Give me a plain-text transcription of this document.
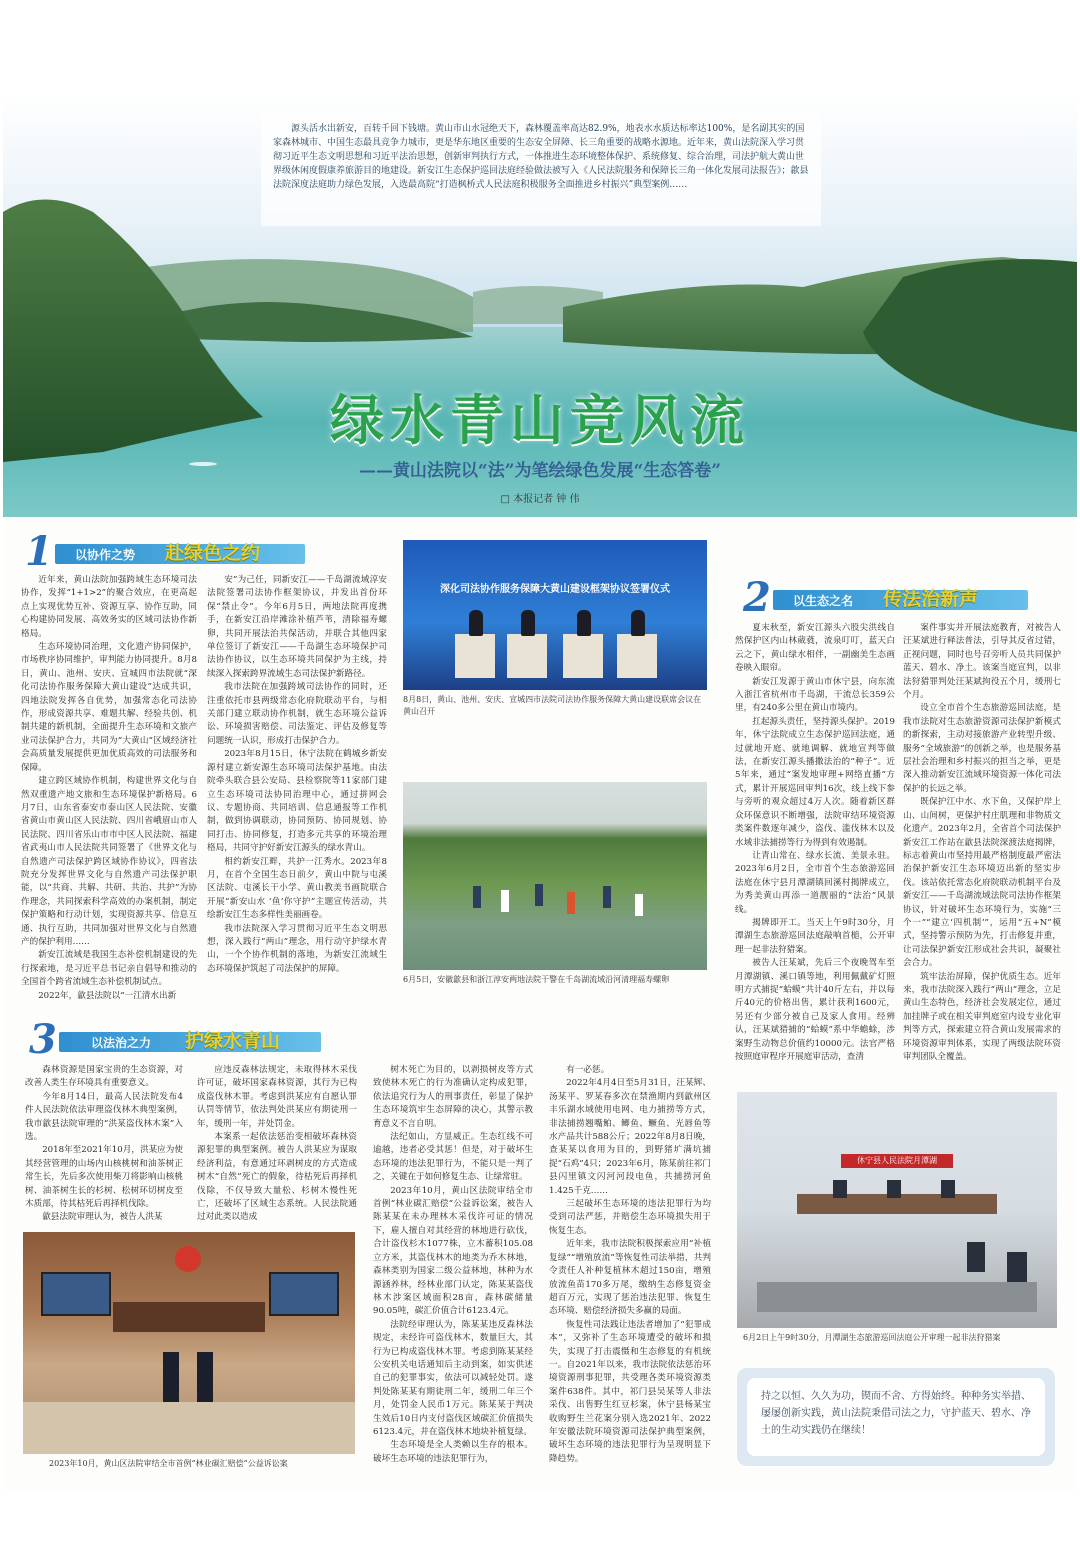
源头活水出新安，百转千回下钱塘。黄山市山水冠绝天下，森林覆盖率高达82.9%，地表水水质达标率达100%，是名副其实的国家森林城市、中国生态最具竞争力城市，更是华东地区重要的生态安全屏障、长三角重要的战略水源地。近年来，黄山法院深入学习贯彻习近平生态文明思想和习近平法治思想，创新审判执行方式，一体推进生态环境整体保护、系统修复、综合治理，司法护航大黄山世界级休闲度假康养旅游目的地建设。新安江生态保护巡回法庭经验做法被写入《人民法院服务和保障长三角一体化发展司法报告》；歙县法院深度法庭助力绿色发展，入选最高院“打造枫桥式人民法庭积极服务全面推进乡村振兴”典型案例……
绿水青山竞风流
——黄山法院以“法”为笔绘绿色发展“生态答卷”
□ 本报记者 钟 伟
1 以协作之势 赴绿色之约

近年来，黄山法院加强跨域生态环境司法协作，发挥“1+1>2”的聚合效应，在更高起点上实现优势互补、资源互享、协作互助，同心构建协同发展、高效务实的区域司法协作新格局。

生态环境协同治理，文化遗产协同保护，市场秩序协同维护，审判能力协同提升。8月8日，黄山、池州、安庆、宣城四市法院就“深化司法协作服务保障大黄山建设”达成共识，四地法院发挥各自优势，加强常态化司法协作，形成资源共享、难题共解、经验共创、机制共建的新机制，全面提升生态环境和文旅产业司法保护合力，共同为“大黄山”区域经济社会高质量发展提供更加优质高效的司法服务和保障。

建立跨区域协作机制，构建世界文化与自然双重遗产地文旅和生态环境保护新格局。6月7日，山东省泰安市泰山区人民法院、安徽省黄山市黄山区人民法院、四川省峨眉山市人民法院、四川省乐山市市中区人民法院、福建省武夷山市人民法院共同签署了《世界文化与自然遗产司法保护跨区域协作协议》，四省法院充分发挥世界文化与自然遗产司法保护职能，以“共商、共解、共研、共治、共护”为协作理念，共同探索科学高效的办案机制，制定保护策略和行动计划，实现资源共享、信息互通、执行互助，共同加强对世界文化与自然遗产的保护利用……

新安江流域是我国生态补偿机制建设的先行探索地，是习近平总书记亲自倡导和推动的全国首个跨省流域生态补偿机制试点。

2022年，歙县法院以“一江清水出新

安”为己任，同新安江——千岛湖流域淳安法院签署司法协作框架协议，并发出首份环保“禁止令”。今年6月5日，两地法院再度携手，在新安江沿岸滩涂补植芦苇，清除福寿螺卵，共同开展法治共保活动，并联合其他四家单位签订了新安江——千岛湖生态环境保护司法协作协议，以生态环境共同保护为主线，持续深入探索跨界流域生态司法保护新路径。

我市法院在加强跨域司法协作的同时，还注重依托市县两级常态化府院联动平台，与相关部门建立联动协作机制，就生态环境公益诉讼、环境损害赔偿、司法鉴定、评估及修复等问题统一认识，形成打击保护合力。

2023年8月15日，休宁法院在鹤城乡新安源村建立新安源生态环境司法保护基地。由法院牵头联合县公安局、县检察院等11家部门建立生态环境司法协同治理中心，通过拼网会议、专题协商、共同培训、信息通报等工作机制，做到协调联动，协同预防、协同规划、协同打击、协同修复，打造多元共享的环境治理格局，共同守护好新安江源头的绿水青山。

相约新安江畔，共护一江秀水。2023年8月，在首个全国生态日前夕，黄山中院与屯溪区法院、屯溪长干小学、黄山教美书画院联合开展“新安山水 ‘鱼’你守护”主题宣传活动，共绘新安江生态多样性美丽画卷。

我市法院深入学习贯彻习近平生态文明思想，深入践行“两山”理念，用行动守护绿水青山，一个个协作机制的落地，为新安江流域生态环境保护筑起了司法保护的屏障。

深化司法协作服务保障大黄山建设框架协议签署仪式
8月8日，黄山、池州、安庆、宣城四市法院司法协作服务保障大黄山建设联席会议在黄山召开
6月5日，安徽歙县和浙江淳安两地法院干警在千岛湖流域沿河清理福寿螺卵
2 以生态之名 传法治新声

夏末秋至，新安江源头六股尖洪线自然保护区内山林葳蕤，流泉叮叮，蓝天白云之下，黄山绿水相伴，一副幽美生态画卷映入眼帘。

新安江发源于黄山市休宁县，向东流入浙江省杭州市千岛湖，干流总长359公里，有240多公里在黄山市境内。

扛起源头责任，坚持源头保护。2019年，休宁法院成立生态保护巡回法庭，通过就地开庭、就地调解、就地宣判等做法，在新安江源头播撒法治的“种子”。近5年来，通过“案发地审理+网络直播”方式，累计开展巡回审判16次，线上线下参与旁听的观众超过4万人次。随着新区群众环保意识不断增强，法院审结环境资源类案件数逐年减少，盗伐、滥伐林木以及水域非法捕捞等行为得到有效遏制。

让青山常在、绿水长流、美景永驻。2023年6月2日，全市首个生态旅游巡回法庭在休宁县月潭湖镇回溪村揭牌成立，为秀美黄山再添一道靓丽的“法治”风景线。

揭牌即开工。当天上午9时30分，月潭湖生态旅游巡回法庭敲响首槌，公开审理一起非法狩猎案。

被告人汪某斌，先后三个夜晚驾车至月潭湖镇、溪口镇等地，利用佩戴矿灯照明方式捕捉“蛤蟆”共计40斤左右，并以每斤40元的价格出售，累计获利1600元，另还有少部分被自己及家人食用。经辨认，汪某斌猎捕的“蛤蟆”系中华蟾蜍，涉案野生动物总价值约10000元。法官严格按照庭审程序开展庭审活动，查清

案件事实并开展法庭教育，对被告人汪某斌进行释法普法，引导其反省过错，正视问题，同时也号召旁听人员共同保护蓝天、碧水、净土。该案当庭宣判，以非法狩猎罪判处汪某斌拘役五个月，缓刑七个月。

设立全市首个生态旅游巡回法庭，是我市法院对生态旅游资源司法保护新模式的新探索，主动对接旅游产业转型升级、服务“全域旅游”的创新之举，也是服务基层社会治理和乡村振兴的担当之举，更是深入推动新安江流域环境资源一体化司法保护的长远之举。

既保护江中水、水下鱼，又保护岸上山、山间树，更保护村庄肌理和非物质文化遗产。2023年2月，全省首个司法保护新安江工作站在歙县法院深渡法庭揭牌，标志着黄山市坚持用最严格制度最严密法治保护新安江生态环境迈出新的坚实步伐。该站依托常态化府院联动机制平台及新安江——千岛湖流域法院司法协作框架协议，针对破坏生态环境行为，实施“三个一”“建立‘四机制’”，运用“五+N”模式，坚持警示预防为先，打击修复并重，让司法保护新安江形成社会共识，凝聚社会合力。

筑牢法治屏障，保护优质生态。近年来，我市法院深入践行“两山”理念，立足黄山生态特色，经济社会发展定位，通过加挂牌子或在相关审判庭室内设专业化审判等方式，探索建立符合黄山发展需求的环境资源审判体系，实现了两级法院环资审判团队全覆盖。

3	以法治之力 护绿水青山

森林资源是国家宝贵的生态资源，对改善人类生存环境具有重要意义。

今年8月14日，最高人民法院发布4件人民法院依法审理盗伐林木典型案例，我市歙县法院审理的“洪某盗伐林木案”入选。

2018年至2021年10月，洪某应为使其经营管理的山场内山核桃树和油茶树正常生长，先后多次使用柴刀将影响山核桃树、油茶树生长的杉树、松树环切树皮至木质部，待其枯死后再择机伐除。

歙县法院审理认为，被告人洪某

应违反森林法规定，未取得林木采伐许可证，破坏国家森林资源，其行为已构成盗伐林木罪。考虑到洪某应有自愿认罪认罚等情节，依法判处洪某应有期徒刑一年，缓刑一年，并处罚金。

本案系一起依法惩治变相破坏森林资源犯罪的典型案例。被告人洪某应为谋取经济利益，有意通过环剥树皮的方式造成树木“自然”死亡的假象，待枯死后再择机伐除，不仅导致大量松、杉树木慢性死亡，还破坏了区域生态系统。人民法院通过对此类以造成

树木死亡为目的，以剥损树皮等方式致使林木死亡的行为准确认定构成犯罪，依法追究行为人的刑事责任，彰显了保护生态环境筑牢生态屏障的决心，其警示教育意义不言自明。

法纪如山，方显威正。生态红线不可逾越，违者必受其惩！但是，对于破坏生态环境的违法犯罪行为，不能只是一判了之，关键在于如何修复生态、让绿常驻。

2023年10月，黄山区法院审结全市首例“林业碳汇赔偿”公益诉讼案，被告人陈某某在未办理林木采伐许可证的情况下，雇人擅自对其经营的林地进行砍伐，合计盗伐杉木1077株，立木蓄积105.08立方米，其盗伐林木的地类为乔木林地，森林类别为国家二级公益林地，林种为水源涵养林，经林业部门认定，陈某某盗伐林木涉案区域面积28亩，森林碳储量90.05吨，碳汇价值合计6123.4元。

法院经审理认为，陈某某违反森林法规定，未经许可盗伐林木，数量巨大，其行为已构成盗伐林木罪。考虑到陈某某经公安机关电话通知后主动到案，如实供述自己的犯罪事实，依法可以减轻处罚。遂判处陈某某有期徒刑二年，缓刑二年三个月，处罚金人民币1万元。陈某某于判决生效后10日内支付盗伐区域碳汇价值损失6123.4元，并在盗伐林木地块补植复绿。

生态环境是全人类赖以生存的根本。破坏生态环境的违法犯罪行为，

有一必惩。

2022年4月4日至5月31日，汪某辉、汤某平、罗某春多次在禁渔期内到歙州区丰乐湖水域使用电网、电力捕捞等方式，非法捕捞翘嘴鲌、鲫鱼、鳜鱼、光唇鱼等水产品共计588公斤；2022年8月8日晚，查某某以食用为目的，到野猪圹满坑捕捉“石鸡”4只；2023年6月，陈某前往祁门县闪里镇文闪河河段电鱼，共捕捞河鱼1.425千克……

三起破坏生态环境的违法犯罪行为均受到司法严惩，并赔偿生态环境损失用于恢复生态。

近年来，我市法院积极探索应用“补植复绿”“增殖放流”等恢复性司法举措，共判令责任人补种复植林木超过150亩，增殖放流鱼苗170多万尾，缴纳生态修复资金超百万元，实现了惩治违法犯罪、恢复生态环境、赔偿经济损失多赢的局面。

恢复性司法践让违法者增加了“犯罪成本”，又弥补了生态环境遭受的破坏和损失，实现了打击震慑和生态修复的有机统一。自2021年以来，我市法院依法惩治环境资源刑事犯罪，共受理各类环境资源类案件638件。其中，祁门县吴某等人非法采伐、出售野生红豆杉案，休宁县杨某宝收购野生兰花案分别入选2021年、2022年安徽法院环境资源司法保护典型案例，破坏生态环境的违法犯罪行为呈现明显下降趋势。

2023年10月，黄山区法院审结全市首例“林业碳汇赔偿”公益诉讼案
休宁县人民法院月潭湖
6月2日上午9时30分，月潭湖生态旅游巡回法庭公开审理一起非法狩猎案
持之以恒、久久为功，锲而不舍、方得始终。种种务实举措、屡屡创新实践，黄山法院秉借司法之力，守护蓝天、碧水、净土的生动实践仍在继续！
